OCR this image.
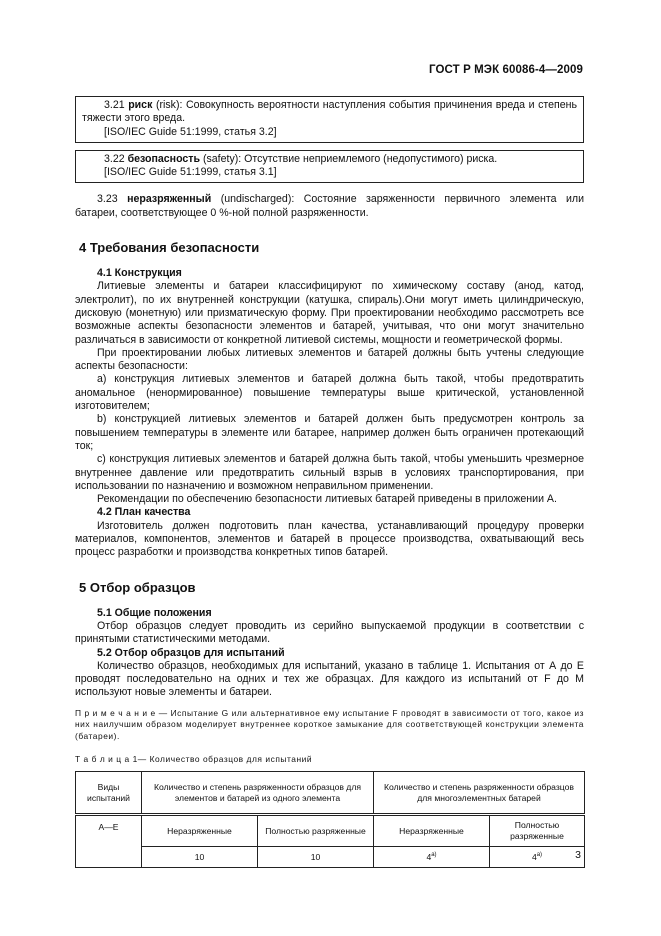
ГОСТ Р МЭК 60086-4—2009

3.21 риск (risk): Совокупность вероятности наступления события причинения вреда и степень тяжести этого вреда.

[ISO/IEC Guide 51:1999, статья 3.2]

3.22 безопасность (safety): Отсутствие неприемлемого (недопустимого) риска.

[ISO/IEC Guide 51:1999, статья 3.1]

3.23 неразряженный (undischarged): Состояние заряженности первичного элемента или батареи, соответствующее 0 %-ной полной разряженности.

4 Требования безопасности

4.1 Конструкция

Литиевые элементы и батареи классифицируют по химическому составу (анод, катод, электролит), по их внутренней конструкции (катушка, спираль).Они могут иметь цилиндрическую, дисковую (монетную) или призматическую форму. При проектировании необходимо рассмотреть все возможные аспекты безопасности элементов и батарей, учитывая, что они могут значительно различаться в зависимости от конкретной литиевой системы, мощности и геометрической формы.

При проектировании любых литиевых элементов и батарей должны быть учтены следующие аспекты безопасности:

a) конструкция литиевых элементов и батарей должна быть такой, чтобы предотвратить аномальное (ненормированное) повышение температуры выше критической, установленной изготовителем;

b) конструкцией литиевых элементов и батарей должен быть предусмотрен контроль за повышением температуры в элементе или батарее, например должен быть ограничен протекающий ток;

c) конструкция литиевых элементов и батарей должна быть такой, чтобы уменьшить чрезмерное внутреннее давление или предотвратить сильный взрыв в условиях транспортирования, при использовании по назначению и возможном неправильном применении.

Рекомендации по обеспечению безопасности литиевых батарей приведены в приложении А.

4.2 План качества

Изготовитель должен подготовить план качества, устанавливающий процедуру проверки материалов, компонентов, элементов и батарей в процессе производства, охватывающий весь процесс разработки и производства конкретных типов батарей.

5 Отбор образцов

5.1 Общие положения

Отбор образцов следует проводить из серийно выпускаемой продукции в соответствии с принятыми статистическими методами.

5.2 Отбор образцов для испытаний

Количество образцов, необходимых для испытаний, указано в таблице 1. Испытания от А до Е проводят последовательно на одних и тех же образцах. Для каждого из испытаний от F до М используют новые элементы и батареи.

П р и м е ч а н и е — Испытание G или альтернативное ему испытание F проводят в зависимости от того, какое из них наилучшим образом моделирует внутреннее короткое замыкание для соответствующей конструкции элемента (батареи).

Т а б л и ц а 1— Количество образцов для испытаний

Виды испытаний	Количество и степень разряженности образцов для элементов и батарей из одного элемента		Количество и степень разряженности образцов для многоэлементных батарей	
A—E	Неразряженные	Полностью разряженные	Неразряженные	Полностью разряженные
	10	10	4$^{a)}$	4$^{a)}$	3
